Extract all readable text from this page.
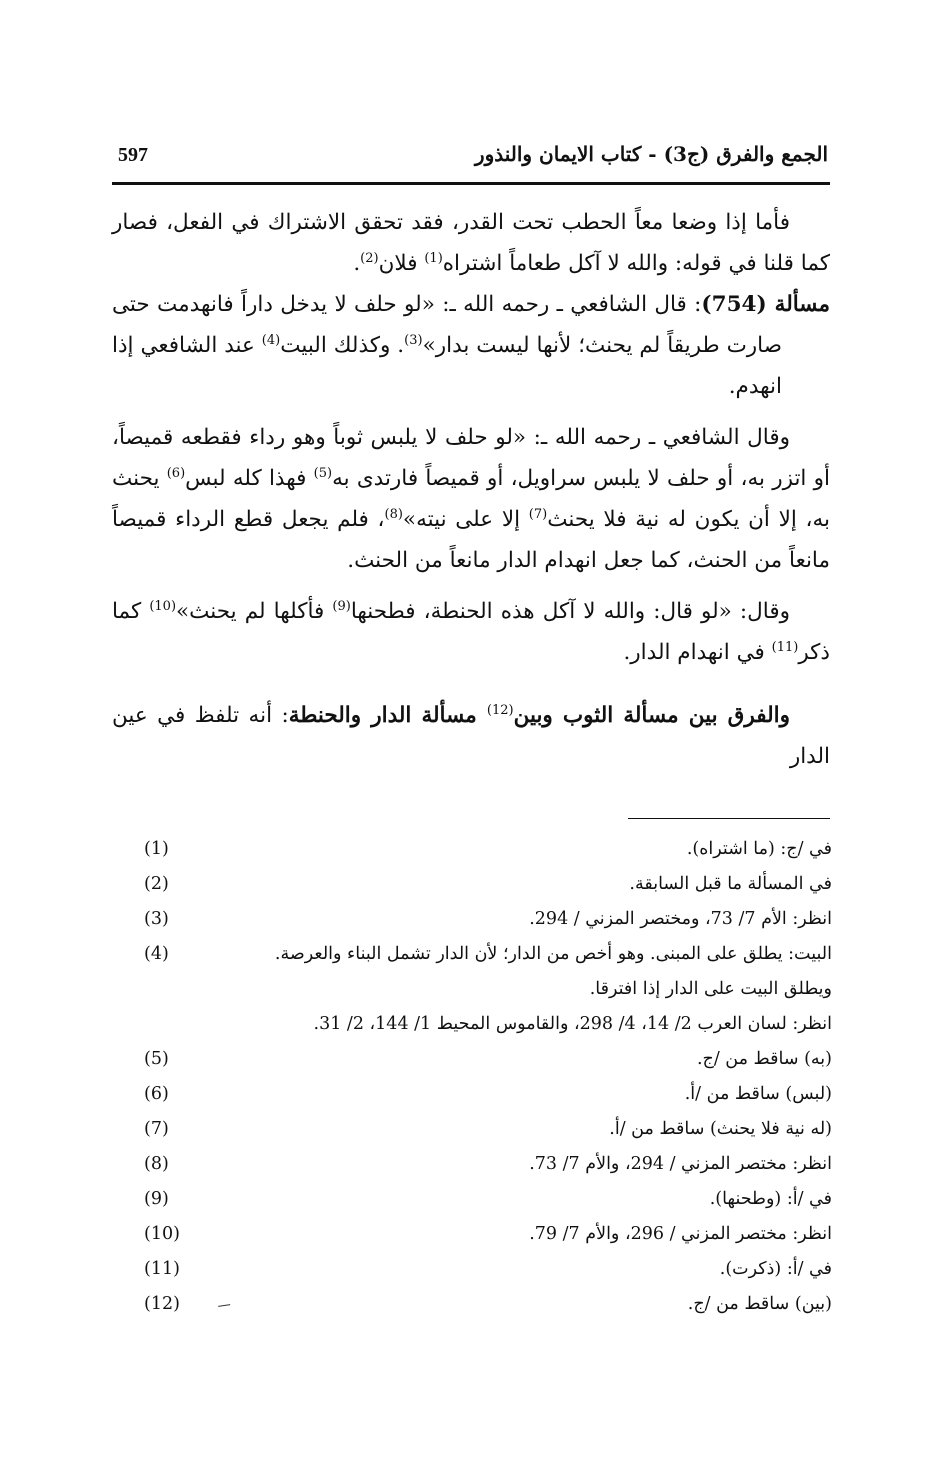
الجمع والفرق (ج3) - كتاب الايمان والنذور
597

فأما إذا وضعا معاً الحطب تحت القدر، فقد تحقق الاشتراك في الفعل، فصار كما قلنا في قوله: والله لا آكل طعاماً اشتراه$^{(1)}$ فلان$^{(2)}$.

مسألة (754): قال الشافعي ـ رحمه الله ـ: «لو حلف لا يدخل داراً فانهدمت حتى صارت طريقاً لم يحنث؛ لأنها ليست بدار»$^{(3)}$. وكذلك البيت$^{(4)}$ عند الشافعي إذا انهدم.

وقال الشافعي ـ رحمه الله ـ: «لو حلف لا يلبس ثوباً وهو رداء فقطعه قميصاً، أو اتزر به، أو حلف لا يلبس سراويل، أو قميصاً فارتدى به$^{(5)}$ فهذا كله لبس$^{(6)}$ يحنث به، إلا أن يكون له نية فلا يحنث$^{(7)}$ إلا على نيته»$^{(8)}$، فلم يجعل قطع الرداء قميصاً مانعاً من الحنث، كما جعل انهدام الدار مانعاً من الحنث.

وقال: «لو قال: والله لا آكل هذه الحنطة، فطحنها$^{(9)}$ فأكلها لم يحنث»$^{(10)}$ كما ذكر$^{(11)}$ في انهدام الدار.

والفرق بين مسألة الثوب وبين$^{(12)}$ مسألة الدار والحنطة: أنه تلفظ في عين الدار

في /ج: (ما اشتراه).
(1)
في المسألة ما قبل السابقة.
(2)
انظر: الأم 7/ 73، ومختصر المزني / 294.
(3)
البيت: يطلق على المبنى. وهو أخص من الدار؛ لأن الدار تشمل البناء والعرصة.
ويطلق البيت على الدار إذا افترقا.
انظر: لسان العرب 2/ 14، 4/ 298، والقاموس المحيط 1/ 144، 2/ 31.
(4)
(به) ساقط من /ج.
(5)
(لبس) ساقط من /أ.
(6)
(له نية فلا يحنث) ساقط من /أ.
(7)
انظر: مختصر المزني / 294، والأم 7/ 73.
(8)
في /أ: (وطحنها).
(9)
انظر: مختصر المزني / 296، والأم 7/ 79.
(10)
في /أ: (ذكرت).
(11)
(بين) ساقط من /ج.
(12)
